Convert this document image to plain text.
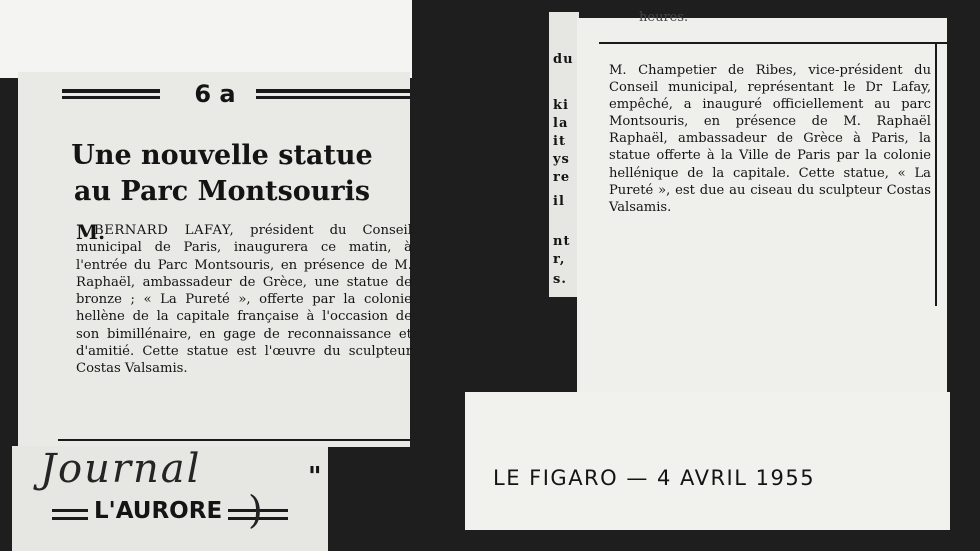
6 a
Une nouvelle statue
au Parc Montsouris
M.
BERNARD LAFAY, président du Conseil municipal de Paris, inaugurera ce matin, à l'entrée du Parc Montsouris, en présence de M. Raphaël, ambassadeur de Grèce, une statue de bronze ; « La Pureté », offerte par la colonie hellène de la capitale française à l'occasion de son bimillénaire, en gage de reconnaissance et d'amitié. Cette statue est l'œuvre du sculpteur Costas Valsamis.
Journal
L'AURORE )
"
du
ki
la
it
ys
re
il
nt
r,
s.
heures.
M. Champetier de Ribes, vice-président du Conseil municipal, représentant le Dr Lafay, empêché, a inauguré officiellement au parc Montsouris, en présence de M. Raphaël Raphaël, ambassadeur de Grèce à Paris, la statue offerte à la Ville de Paris par la colonie hellénique de la capitale. Cette statue, « La Pureté », est due au ciseau du sculpteur Costas Valsamis.
LE FIGARO — 4 AVRIL 1955
